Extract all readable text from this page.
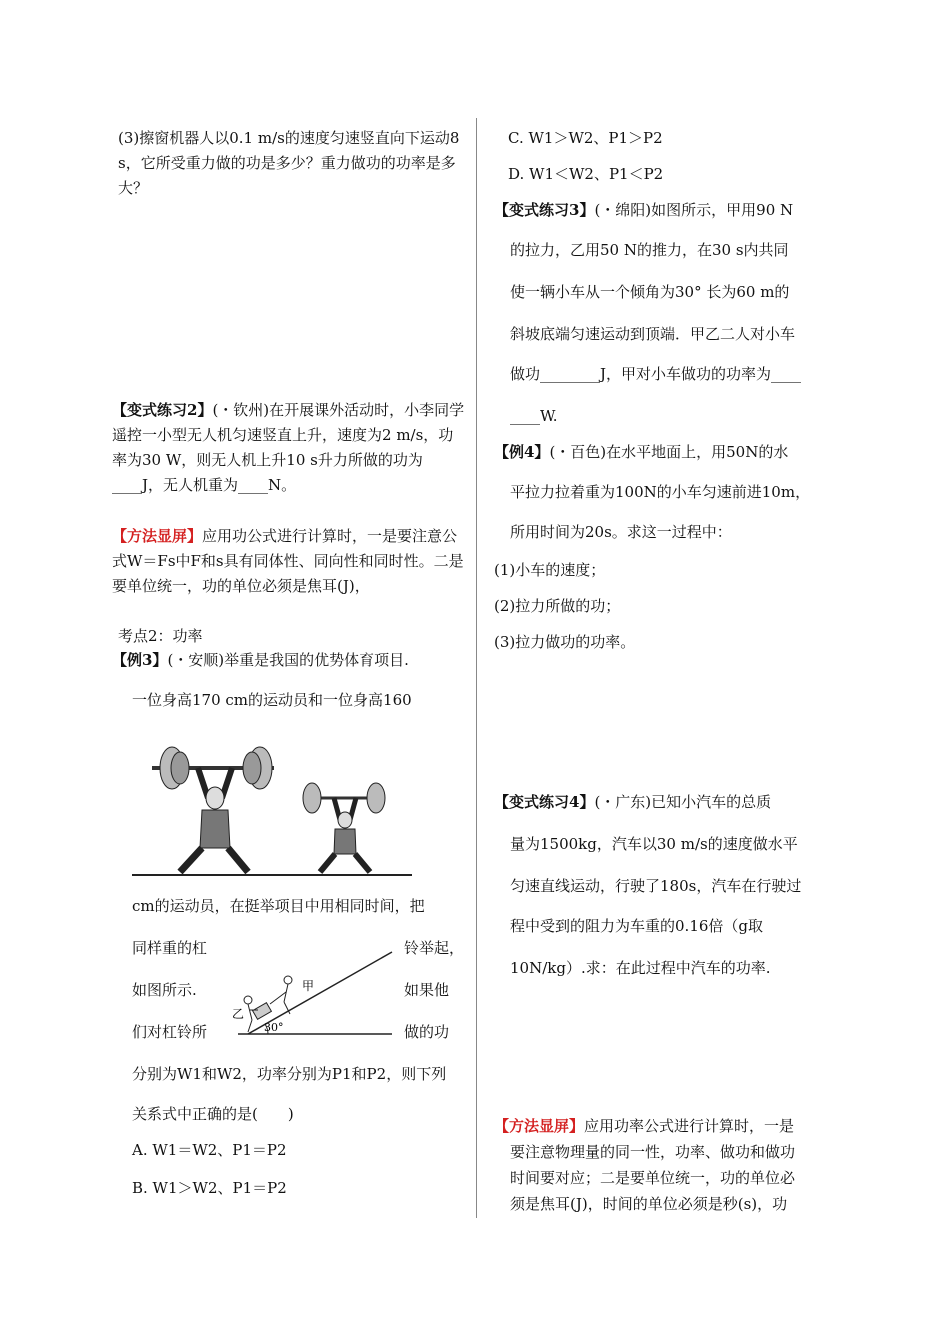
(3)擦窗机器人以0.1 m/s的速度匀速竖直向下运动8 s，它所受重力做的功是多少？重力做功的功率是多大？
【变式练习2】(・钦州)在开展课外活动时，小李同学遥控一小型无人机匀速竖直上升，速度为2 m/s，功率为30 W，则无人机上升10 s升力所做的功为____J，无人机重为____N。
【方法显屏】应用功公式进行计算时，一是要注意公式W＝Fs中F和s具有同体性、同向性和同时性。二是要单位统一，功的单位必须是焦耳(J)，
考点2：功率
【例3】(・安顺)举重是我国的优势体育项目.
一位身高170 cm的运动员和一位身高160
cm的运动员，在挺举项目中用相同时间，把
同样重的杠	铃举起，
如图所示.	如果他
们对杠铃所	做的功
30°
甲
乙
分别为W1和W2，功率分别为P1和P2，则下列
关系式中正确的是(　　)
A. W1＝W2、P1＝P2
B. W1＞W2、P1＝P2
C. W1＞W2、P1＞P2
D. W1＜W2、P1＜P2
【变式练习3】(・绵阳)如图所示，甲用90 N
的拉力，乙用50 N的推力，在30 s内共同
使一辆小车从一个倾角为30° 长为60 m的
斜坡底端匀速运动到顶端．甲乙二人对小车
做功________J，甲对小车做功的功率为____
____W.
【例4】(・百色)在水平地面上，用50N的水
平拉力拉着重为100N的小车匀速前进10m，
所用时间为20s。求这一过程中：
(1)小车的速度；
(2)拉力所做的功；
(3)拉力做功的功率。
【变式练习4】(・广东)已知小汽车的总质
量为1500kg，汽车以30 m/s的速度做水平
匀速直线运动，行驶了180s，汽车在行驶过
程中受到的阻力为车重的0.16倍（g取
10N/kg）.求：在此过程中汽车的功率.
【方法显屏】应用功率公式进行计算时，一是
要注意物理量的同一性，功率、做功和做功
时间要对应；二是要单位统一，功的单位必
须是焦耳(J)，时间的单位必须是秒(s)，功
